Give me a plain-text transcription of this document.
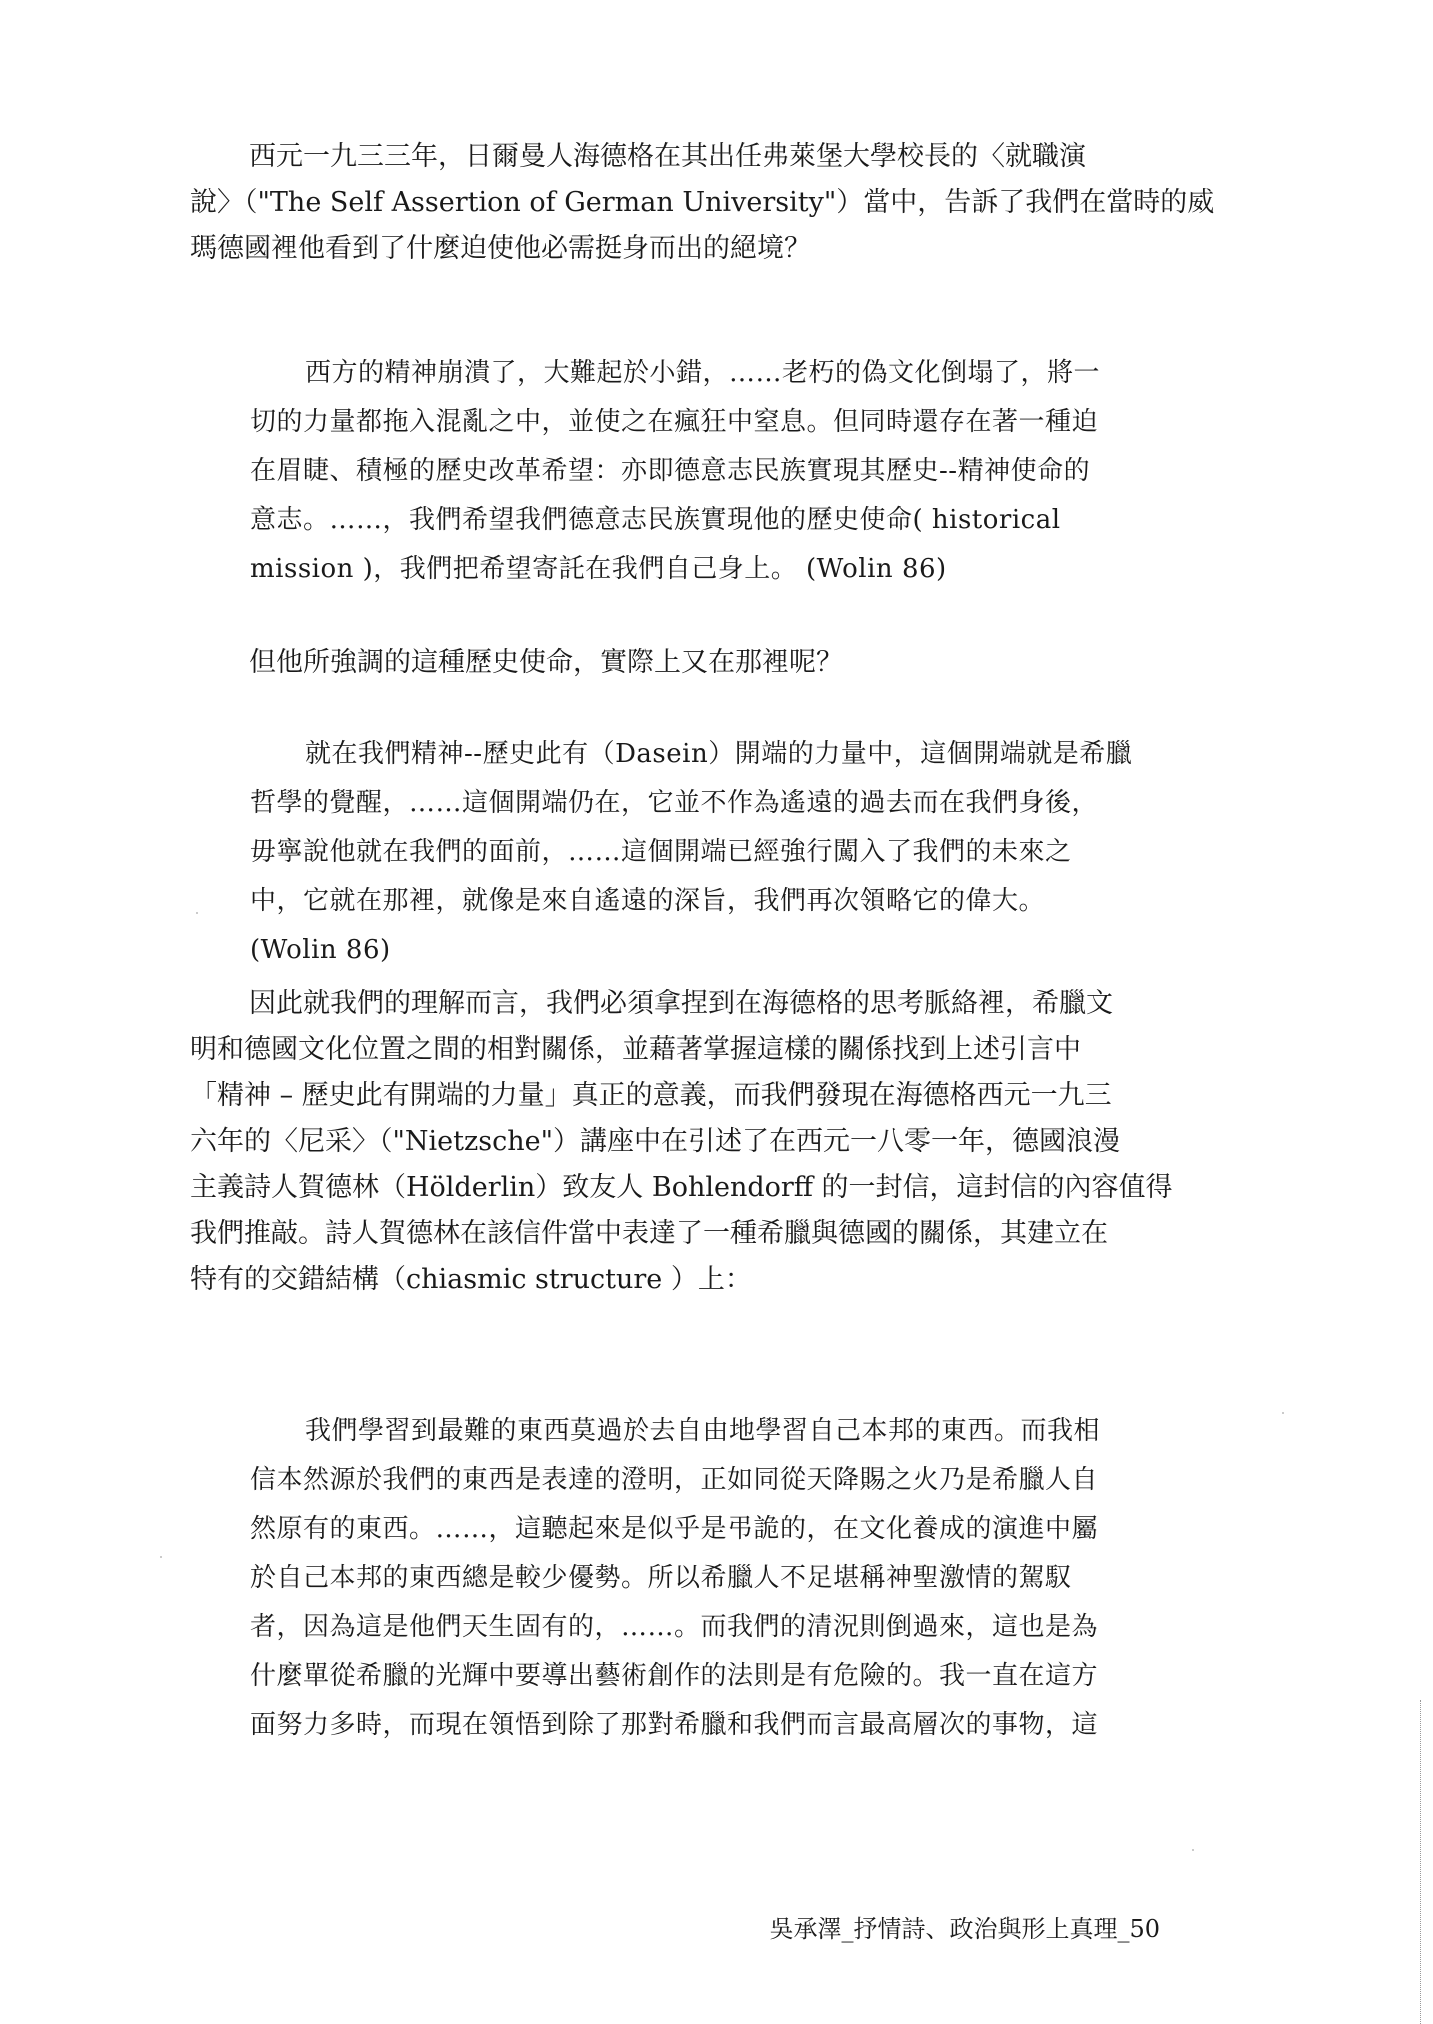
西元一九三三年，日爾曼人海德格在其出任弗萊堡大學校長的〈就職演
說〉（"The Self Assertion of German University"）當中，告訴了我們在當時的威
瑪德國裡他看到了什麼迫使他必需挺身而出的絕境？
西方的精神崩潰了，大難起於小錯，……老朽的偽文化倒塌了，將一
切的力量都拖入混亂之中，並使之在瘋狂中窒息。但同時還存在著一種迫
在眉睫、積極的歷史改革希望：亦即德意志民族實現其歷史--精神使命的
意志。……，我們希望我們德意志民族實現他的歷史使命( historical
mission )，我們把希望寄託在我們自己身上。 (Wolin 86)
但他所強調的這種歷史使命，實際上又在那裡呢？
就在我們精神--歷史此有（Dasein）開端的力量中，這個開端就是希臘
哲學的覺醒，……這個開端仍在，它並不作為遙遠的過去而在我們身後，
毋寧說他就在我們的面前，……這個開端已經強行闖入了我們的未來之
中，它就在那裡，就像是來自遙遠的深旨，我們再次領略它的偉大。
(Wolin 86)
因此就我們的理解而言，我們必須拿捏到在海德格的思考脈絡裡，希臘文
明和德國文化位置之間的相對關係，並藉著掌握這樣的關係找到上述引言中
「精神 – 歷史此有開端的力量」真正的意義，而我們發現在海德格西元一九三
六年的〈尼采〉（"Nietzsche"）講座中在引述了在西元一八零一年，德國浪漫
主義詩人賀德林（Hölderlin）致友人 Bohlendorff 的一封信，這封信的內容值得
我們推敲。詩人賀德林在該信件當中表達了一種希臘與德國的關係，其建立在
特有的交錯結構（chiasmic structure ）上：
我們學習到最難的東西莫過於去自由地學習自己本邦的東西。而我相
信本然源於我們的東西是表達的澄明，正如同從天降賜之火乃是希臘人自
然原有的東西。……，這聽起來是似乎是弔詭的，在文化養成的演進中屬
於自己本邦的東西總是較少優勢。所以希臘人不足堪稱神聖激情的駕馭
者，因為這是他們天生固有的，……。而我們的清況則倒過來，這也是為
什麼單從希臘的光輝中要導出藝術創作的法則是有危險的。我一直在這方
面努力多時，而現在領悟到除了那對希臘和我們而言最高層次的事物，這
吳承澤_抒情詩、政治與形上真理_50
